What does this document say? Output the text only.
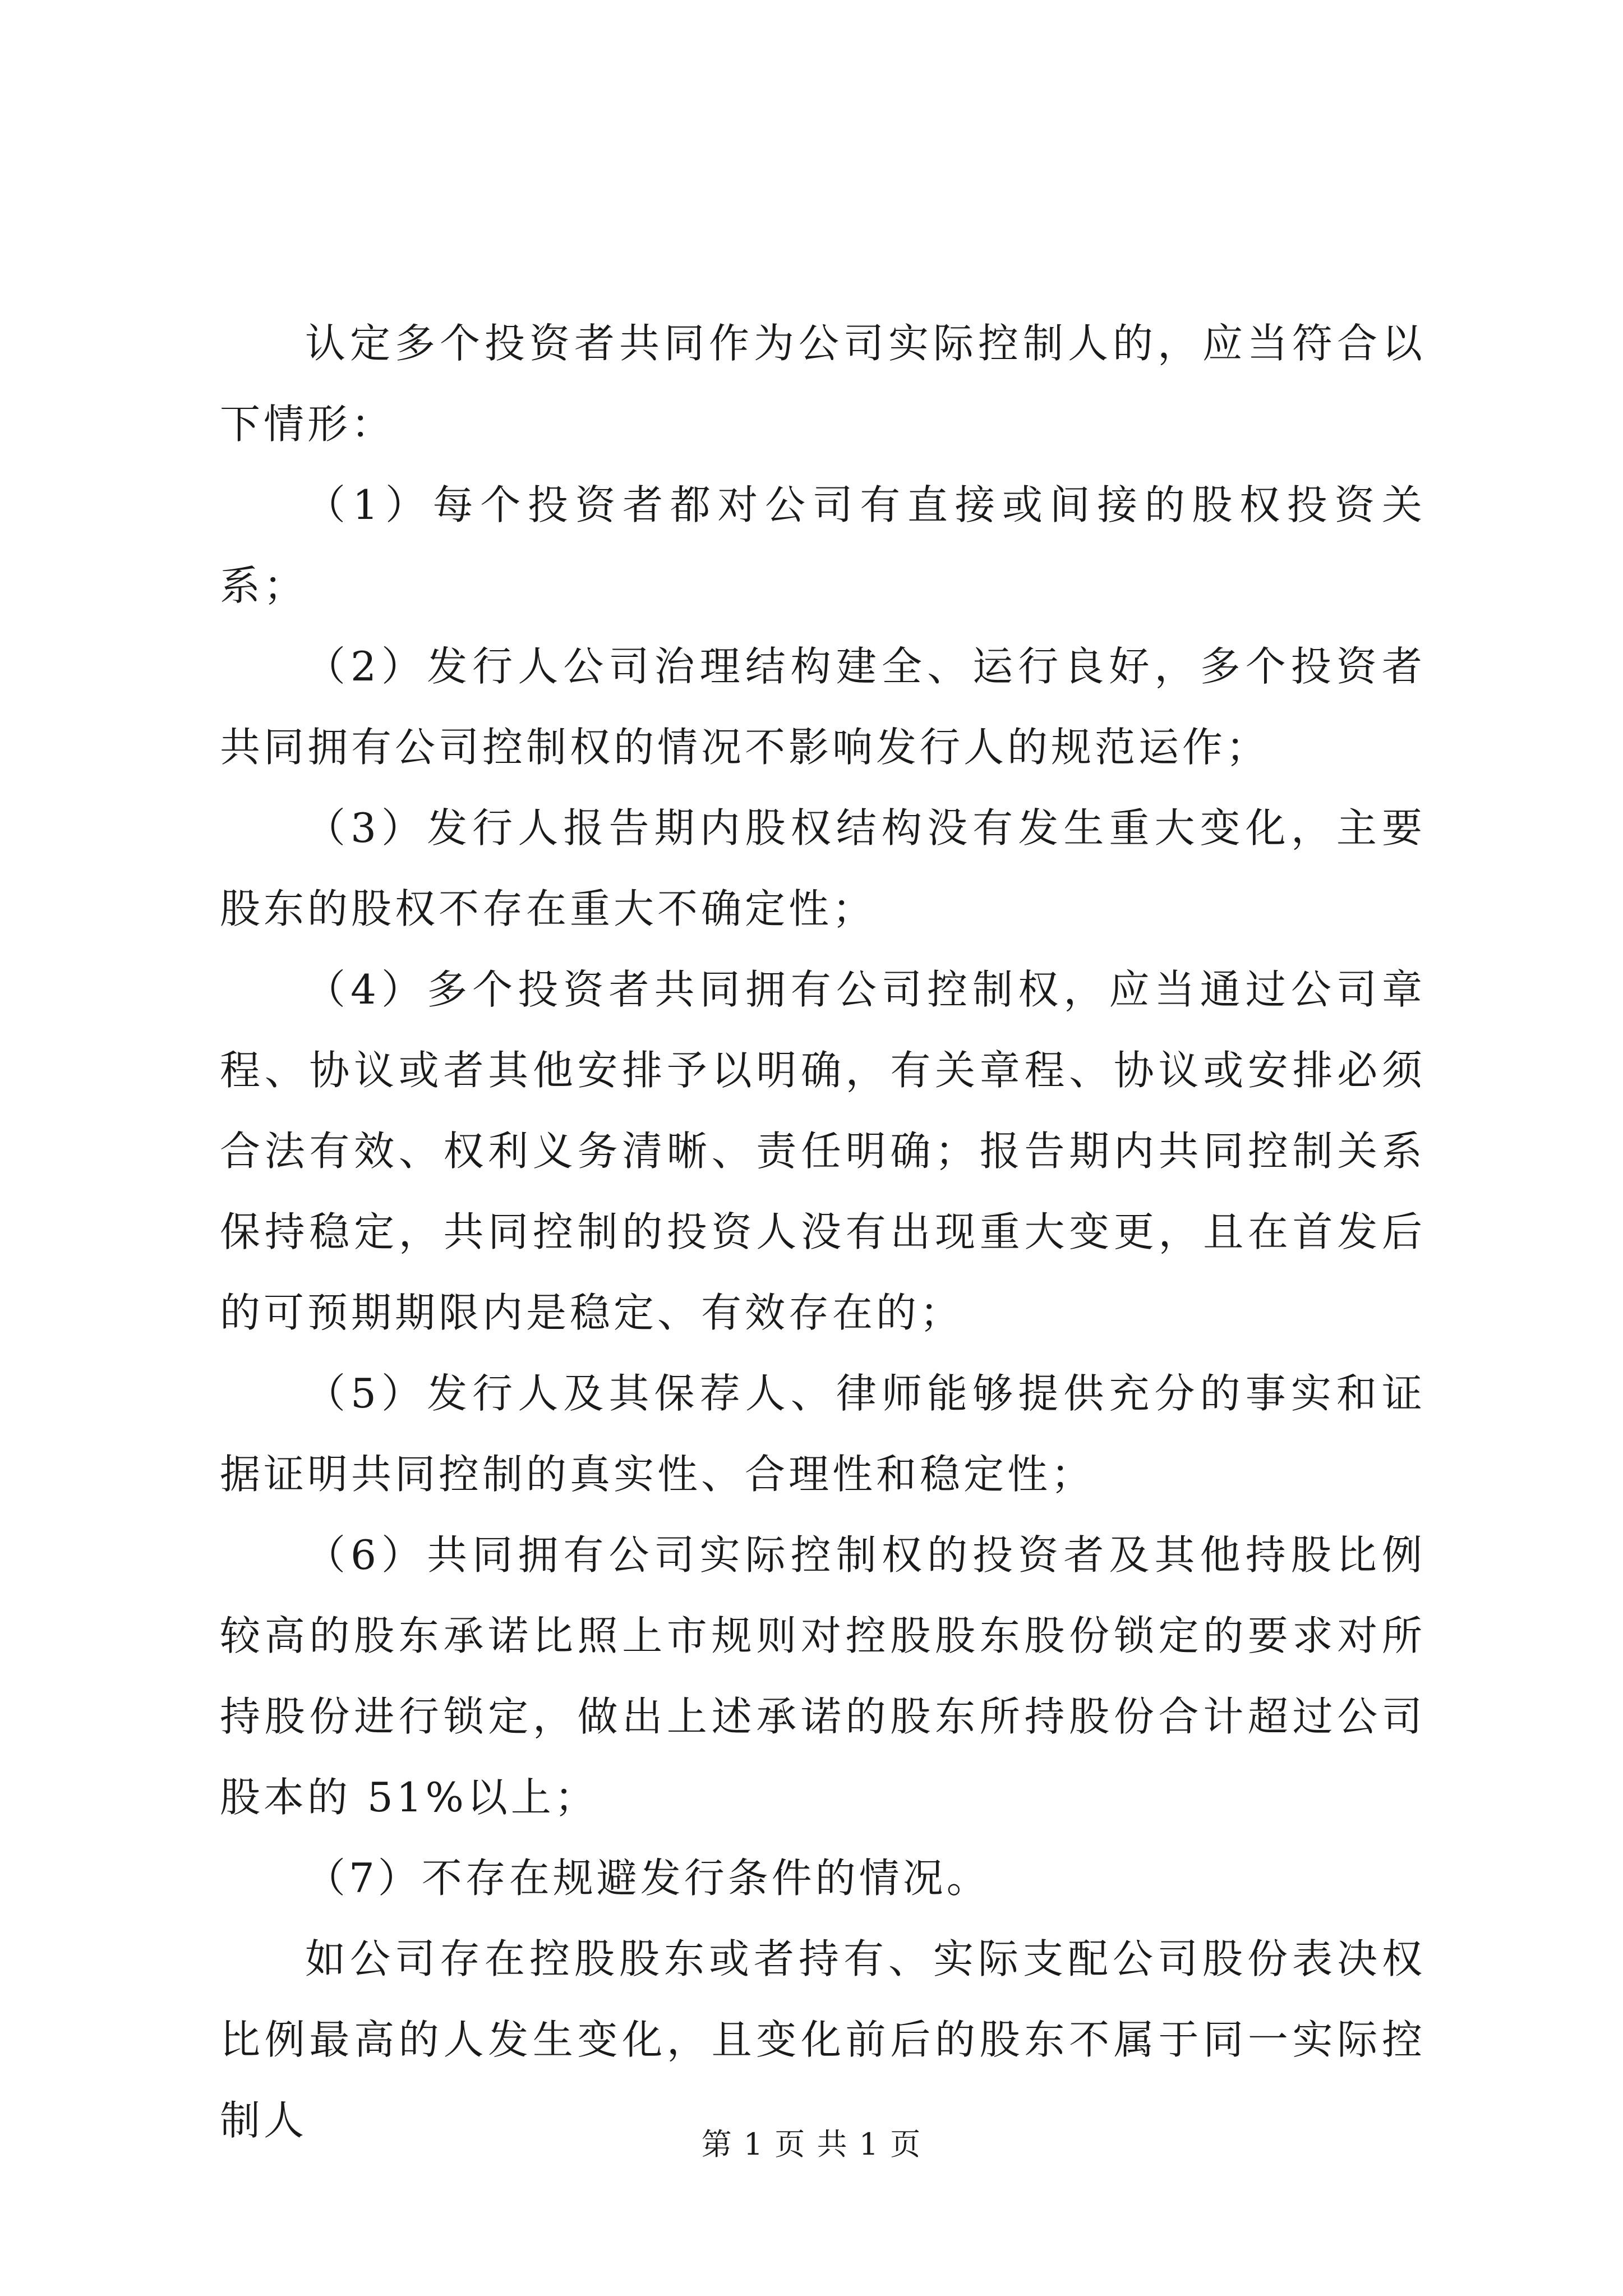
认定多个投资者共同作为公司实际控制人的，应当符合以下情形：

（1）每个投资者都对公司有直接或间接的股权投资关系；

（2）发行人公司治理结构建全、运行良好，多个投资者共同拥有公司控制权的情况不影响发行人的规范运作；

（3）发行人报告期内股权结构没有发生重大变化，主要股东的股权不存在重大不确定性；

（4）多个投资者共同拥有公司控制权，应当通过公司章程、协议或者其他安排予以明确，有关章程、协议或安排必须合法有效、权利义务清晰、责任明确；报告期内共同控制关系保持稳定，共同控制的投资人没有出现重大变更，且在首发后的可预期期限内是稳定、有效存在的；

（5）发行人及其保荐人、律师能够提供充分的事实和证据证明共同控制的真实性、合理性和稳定性；

（6）共同拥有公司实际控制权的投资者及其他持股比例较高的股东承诺比照上市规则对控股股东股份锁定的要求对所持股份进行锁定，做出上述承诺的股东所持股份合计超过公司股本的 51%以上；

（7）不存在规避发行条件的情况。

如公司存在控股股东或者持有、实际支配公司股份表决权比例最高的人发生变化，且变化前后的股东不属于同一实际控制人

第 1 页 共 1 页
